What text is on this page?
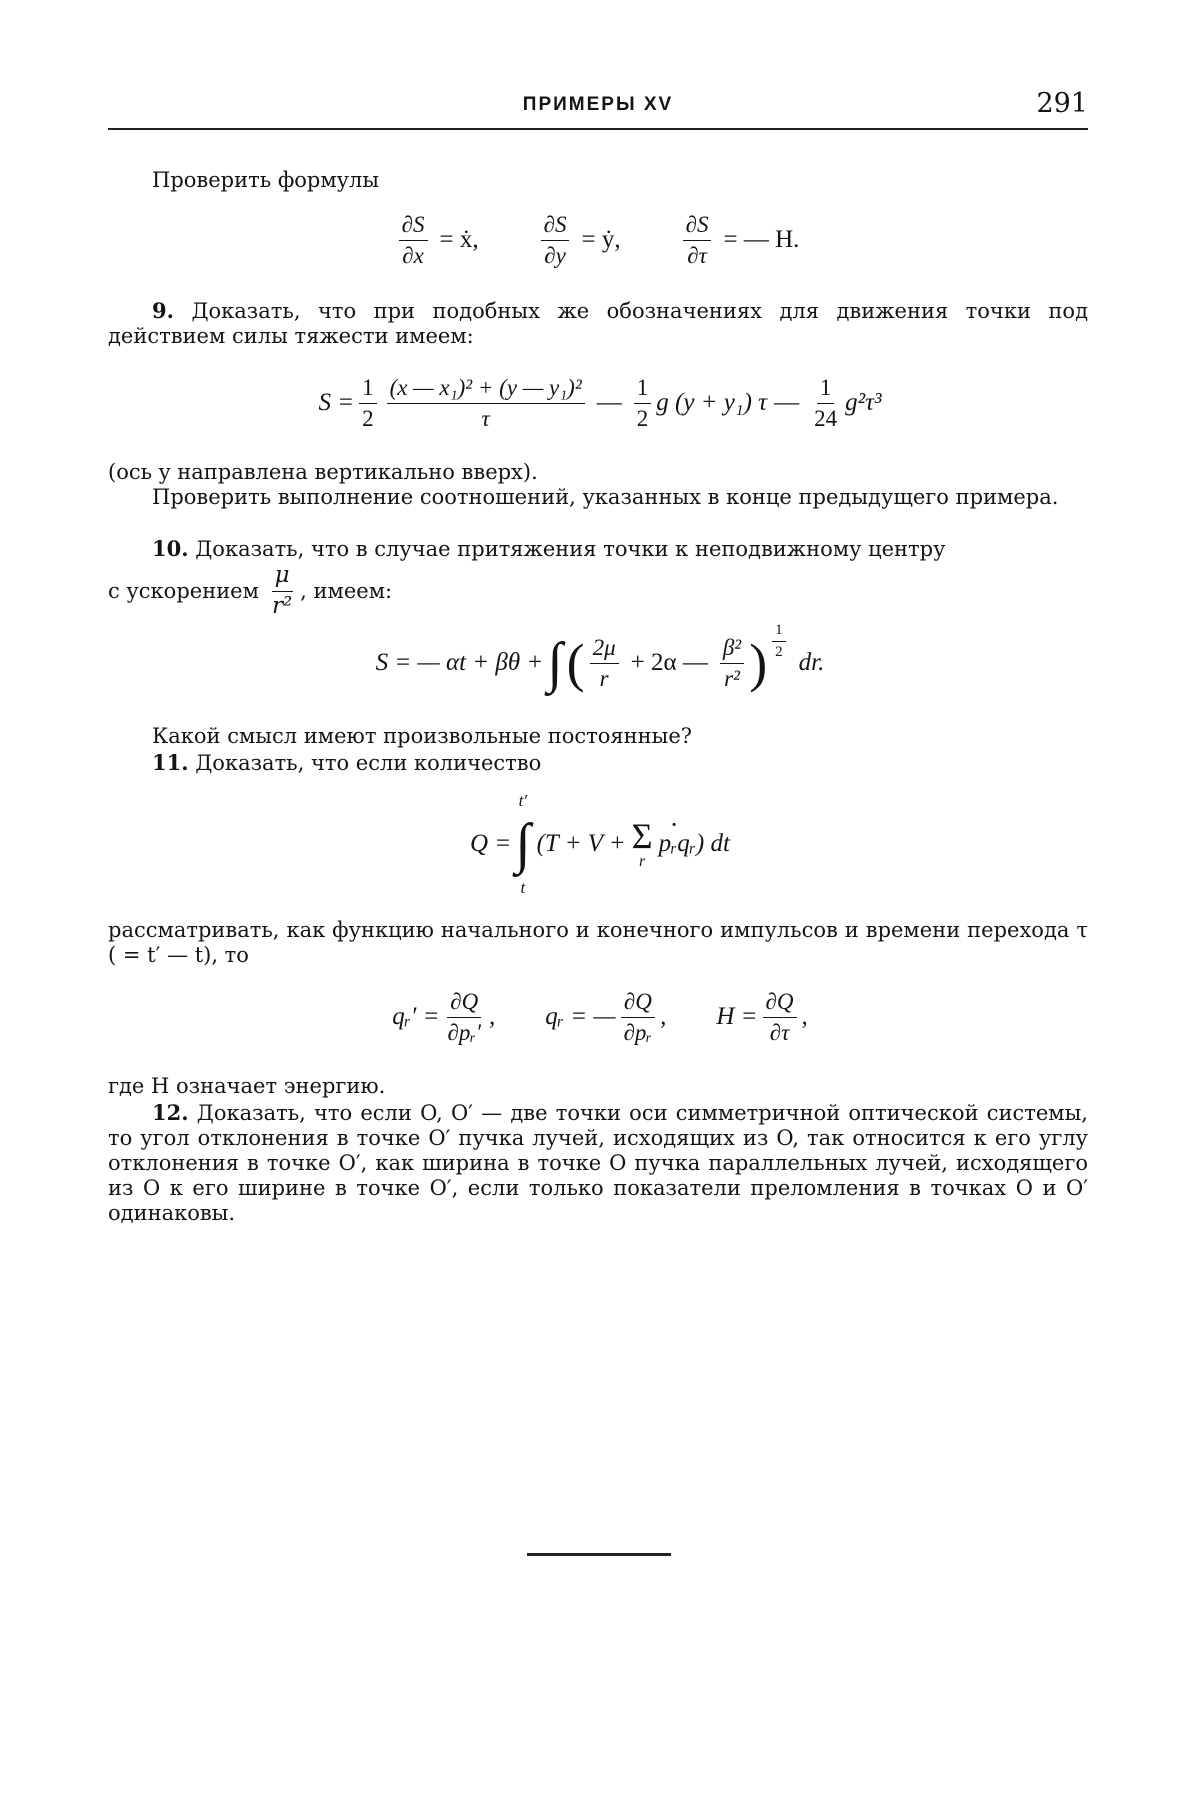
ПРИМЕРЫ XV	291
Проверить формулы
$\frac{\partial S}{\partial x}$ = ẋ,	$\frac{\partial S}{\partial y}$ = ẏ,	$\frac{\partial S}{\partial\tau}$ = — H.
9. Доказать, что при подобных же обозначениях для движения точки под действием силы тяжести имеем:
$S = \frac{1}{2} \frac{\text{(x — x₁)² + (y — y₁)²}}{\tau}$ — $\frac{1}{2}$ g (y + y₁) τ — $\frac{1}{24} g^2\tau^3$
(ось y направлена вертикально вверх).
Проверить выполнение соотношений, указанных в конце предыдущего примера.
10. Доказать, что в случае притяжения точки к неподвижному центру
с ускорением $\frac{\mu}{\text{r²}}$ , имеем:
S = — αt + βθ + ∫ ( $\frac{2\mu}{r} + 2\alpha$ — $\frac{\text{β²}}{\text{r²}}$ ) $\frac{1}{2}$
dr.
Какой смысл имеют произвольные постоянные?
11. Доказать, что если количество
Q =
t′
∫
t
(T + V + Σ
r
pᵣqᵣ · ) dt
рассматривать, как функцию начального и конечного импульсов и времени перехода τ ( = t′ — t), то
qᵣ′ = $\frac{\partial Q}{\text{∂pᵣ′}}$ , qᵣ = — $\frac{\partial Q}{\text{∂pᵣ}}$ , $H = \frac{\partial Q}{\partial\tau}$ ,
где H означает энергию.
12. Доказать, что если O, O′ — две точки оси симметричной оптической системы, то угол отклонения в точке O′ пучка лучей, исходящих из O, так относится к его углу отклонения в точке O′, как ширина в точке O пучка параллельных лучей, исходящего из O к его ширине в точке O′, если только показатели преломления в точках O и O′ одинаковы.
